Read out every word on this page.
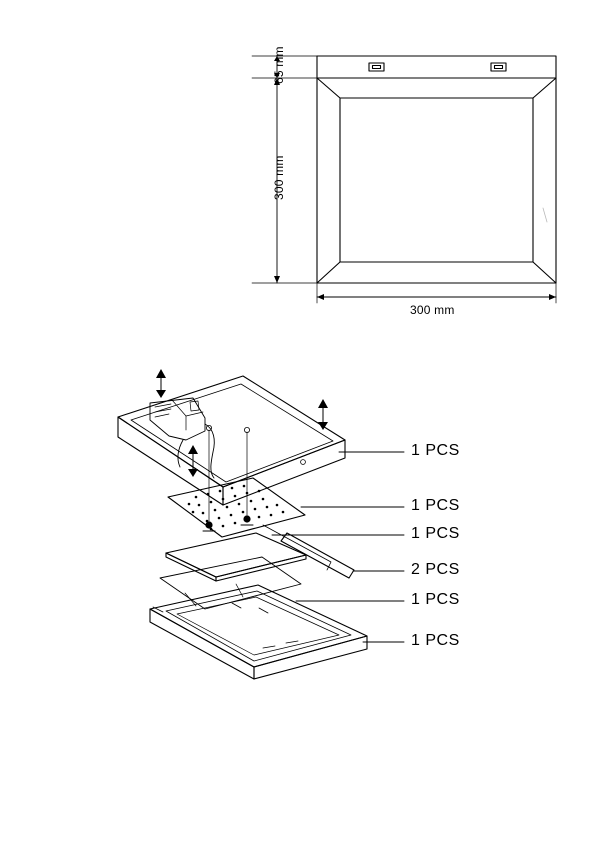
65 mm
300 mm
300 mm
1 PCS
1 PCS
1 PCS
2 PCS
1 PCS
1 PCS
